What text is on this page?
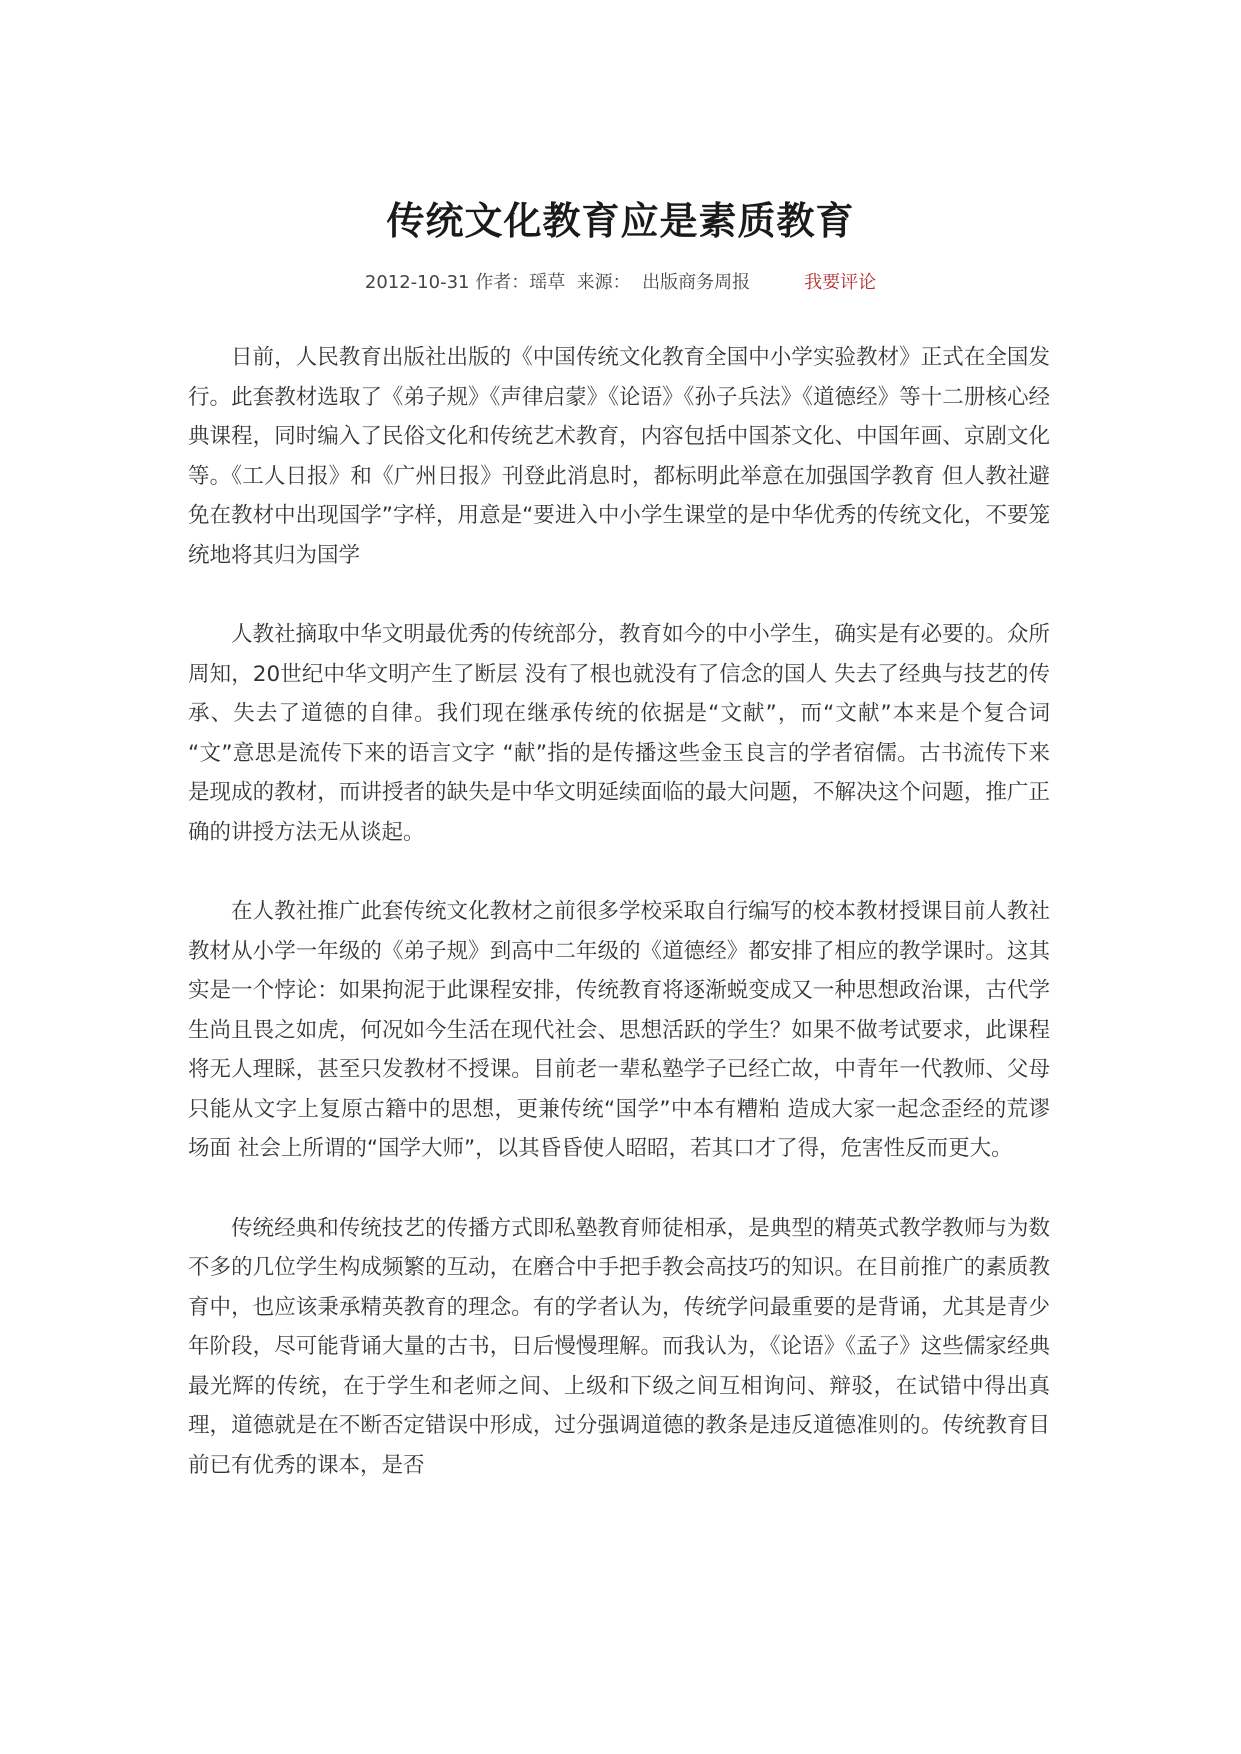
传统文化教育应是素质教育
2012-10-31 作者：瑶草 来源： 出版商务周报	我要评论

日前，人民教育出版社出版的《中国传统文化教育全国中小学实验教材》正式在全国发行。此套教材选取了《弟子规》《声律启蒙》《论语》《孙子兵法》《道德经》等十二册核心经典课程，同时编入了民俗文化和传统艺术教育，内容包括中国茶文化、中国年画、京剧文化等。《工人日报》和《广州日报》刊登此消息时，都标明此举意在加强国学教育 但人教社避免在教材中出现国学”字样，用意是“要进入中小学生课堂的是中华优秀的传统文化，不要笼统地将其归为国学

人教社摘取中华文明最优秀的传统部分，教育如今的中小学生，确实是有必要的。众所周知，20世纪中华文明产生了断层 没有了根也就没有了信念的国人 失去了经典与技艺的传承、失去了道德的自律。我们现在继承传统的依据是“文献”，而“文献”本来是个复合词 “文”意思是流传下来的语言文字 “献”指的是传播这些金玉良言的学者宿儒。古书流传下来是现成的教材，而讲授者的缺失是中华文明延续面临的最大问题，不解决这个问题，推广正确的讲授方法无从谈起。

在人教社推广此套传统文化教材之前很多学校采取自行编写的校本教材授课目前人教社教材从小学一年级的《弟子规》到高中二年级的《道德经》都安排了相应的教学课时。这其实是一个悖论：如果拘泥于此课程安排，传统教育将逐渐蜕变成又一种思想政治课，古代学生尚且畏之如虎，何况如今生活在现代社会、思想活跃的学生？如果不做考试要求，此课程将无人理睬，甚至只发教材不授课。目前老一辈私塾学子已经亡故，中青年一代教师、父母只能从文字上复原古籍中的思想，更兼传统“国学”中本有糟粕 造成大家一起念歪经的荒谬场面 社会上所谓的“国学大师”，以其昏昏使人昭昭，若其口才了得，危害性反而更大。

传统经典和传统技艺的传播方式即私塾教育师徒相承，是典型的精英式教学教师与为数不多的几位学生构成频繁的互动，在磨合中手把手教会高技巧的知识。在目前推广的素质教育中，也应该秉承精英教育的理念。有的学者认为，传统学问最重要的是背诵，尤其是青少年阶段，尽可能背诵大量的古书，日后慢慢理解。而我认为，《论语》《孟子》这些儒家经典最光辉的传统，在于学生和老师之间、上级和下级之间互相询问、辩驳，在试错中得出真理，道德就是在不断否定错误中形成，过分强调道德的教条是违反道德准则的。传统教育目前已有优秀的课本，是否
